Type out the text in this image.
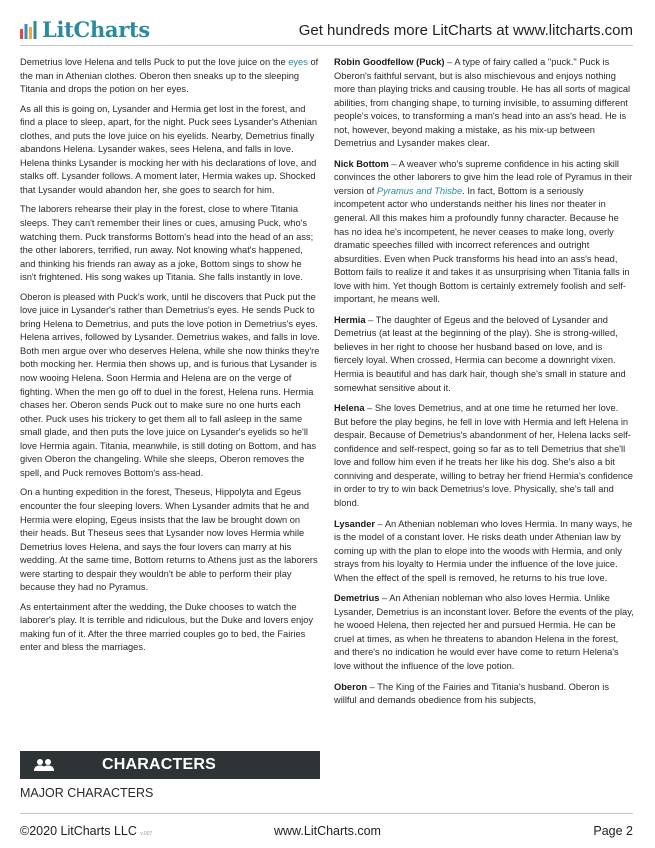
LitCharts	Get hundreds more LitCharts at www.litcharts.com

Demetrius love Helena and tells Puck to put the love juice on the eyes of the man in Athenian clothes. Oberon then sneaks up to the sleeping Titania and drops the potion on her eyes.

As all this is going on, Lysander and Hermia get lost in the forest, and find a place to sleep, apart, for the night. Puck sees Lysander's Athenian clothes, and puts the love juice on his eyelids. Nearby, Demetrius finally abandons Helena. Lysander wakes, sees Helena, and falls in love. Helena thinks Lysander is mocking her with his declarations of love, and stalks off. Lysander follows. A moment later, Hermia wakes up. Shocked that Lysander would abandon her, she goes to search for him.

The laborers rehearse their play in the forest, close to where Titania sleeps. They can't remember their lines or cues, amusing Puck, who's watching them. Puck transforms Bottom's head into the head of an ass; the other laborers, terrified, run away. Not knowing what's happened, and thinking his friends ran away as a joke, Bottom sings to show he isn't frightened. His song wakes up Titania. She falls instantly in love.

Oberon is pleased with Puck's work, until he discovers that Puck put the love juice in Lysander's rather than Demetrius's eyes. He sends Puck to bring Helena to Demetrius, and puts the love potion in Demetrius's eyes. Helena arrives, followed by Lysander. Demetrius wakes, and falls in love. Both men argue over who deserves Helena, while she now thinks they're both mocking her. Hermia then shows up, and is furious that Lysander is now wooing Helena. Soon Hermia and Helena are on the verge of fighting. When the men go off to duel in the forest, Helena runs. Hermia chases her. Oberon sends Puck out to make sure no one hurts each other. Puck uses his trickery to get them all to fall asleep in the same small glade, and then puts the love juice on Lysander's eyelids so he'll love Hermia again. Titania, meanwhile, is still doting on Bottom, and has given Oberon the changeling. While she sleeps, Oberon removes the spell, and Puck removes Bottom's ass-head.

On a hunting expedition in the forest, Theseus, Hippolyta and Egeus encounter the four sleeping lovers. When Lysander admits that he and Hermia were eloping, Egeus insists that the law be brought down on their heads. But Theseus sees that Lysander now loves Hermia while Demetrius loves Helena, and says the four lovers can marry at his wedding. At the same time, Bottom returns to Athens just as the laborers were starting to despair they wouldn't be able to perform their play because they had no Pyramus.

As entertainment after the wedding, the Duke chooses to watch the laborer's play. It is terrible and ridiculous, but the Duke and lovers enjoy making fun of it. After the three married couples go to bed, the Fairies enter and bless the marriages.

CHARACTERS
MAJOR CHARACTERS

Robin Goodfellow (Puck) – A type of fairy called a "puck." Puck is Oberon's faithful servant, but is also mischievous and enjoys nothing more than playing tricks and causing trouble. He has all sorts of magical abilities, from changing shape, to turning invisible, to assuming different people's voices, to transforming a man's head into an ass's head. He is not, however, beyond making a mistake, as his mix-up between Demetrius and Lysander makes clear.

Nick Bottom – A weaver who's supreme confidence in his acting skill convinces the other laborers to give him the lead role of Pyramus in their version of Pyramus and Thisbe. In fact, Bottom is a seriously incompetent actor who understands neither his lines nor theater in general. All this makes him a profoundly funny character. Because he has no idea he's incompetent, he never ceases to make long, overly dramatic speeches filled with incorrect references and outright absurdities. Even when Puck transforms his head into an ass's head, Bottom fails to realize it and takes it as unsurprising when Titania falls in love with him. Yet though Bottom is certainly extremely foolish and self-important, he means well.

Hermia – The daughter of Egeus and the beloved of Lysander and Demetrius (at least at the beginning of the play). She is strong-willed, believes in her right to choose her husband based on love, and is fiercely loyal. When crossed, Hermia can become a downright vixen. Hermia is beautiful and has dark hair, though she's small in stature and somewhat sensitive about it.

Helena – She loves Demetrius, and at one time he returned her love. But before the play begins, he fell in love with Hermia and left Helena in despair. Because of Demetrius's abandonment of her, Helena lacks self-confidence and self-respect, going so far as to tell Demetrius that she'll love and follow him even if he treats her like his dog. She's also a bit conniving and desperate, willing to betray her friend Hermia's confidence in order to try to win back Demetrius's love. Physically, she's tall and blond.

Lysander – An Athenian nobleman who loves Hermia. In many ways, he is the model of a constant lover. He risks death under Athenian law by coming up with the plan to elope into the woods with Hermia, and only strays from his loyalty to Hermia under the influence of the love juice. When the effect of the spell is removed, he returns to his true love.

Demetrius – An Athenian nobleman who also loves Hermia. Unlike Lysander, Demetrius is an inconstant lover. Before the events of the play, he wooed Helena, then rejected her and pursued Hermia. He can be cruel at times, as when he threatens to abandon Helena in the forest, and there's no indication he would ever have come to return Helena's love without the influence of the love potion.

Oberon – The King of the Fairies and Titania's husband. Oberon is willful and demands obedience from his subjects,

©2020 LitCharts LLC v.007	www.LitCharts.com	Page 2
